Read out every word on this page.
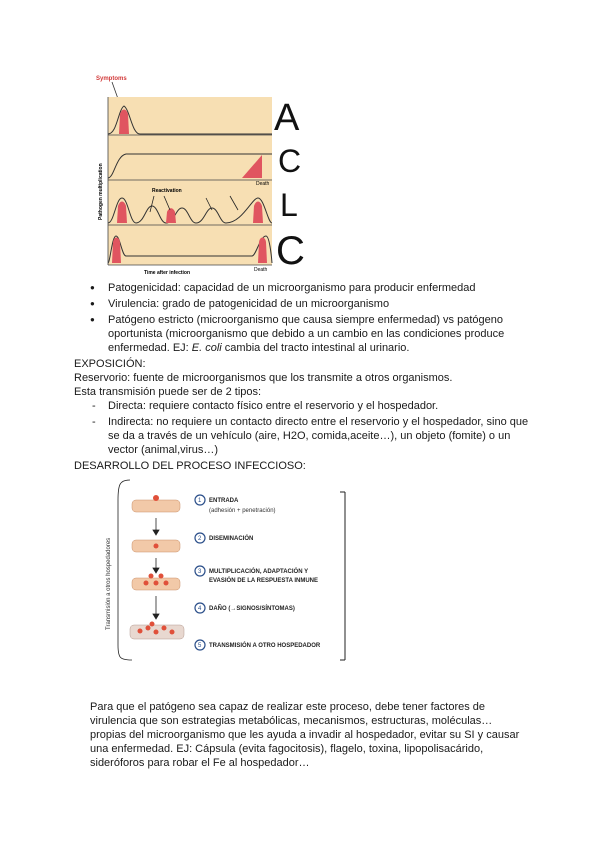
Symptoms
Death
Reactivation
Death
Time after infection
Pathogen multiplication
A
C
L
C
● Patogenicidad: capacidad de un microorganismo para producir enfermedad
● Virulencia: grado de patogenicidad de un microorganismo
● Patógeno estricto (microorganismo que causa siempre enfermedad) vs patógeno oportunista (microorganismo que debido a un cambio en las condiciones produce enfermedad. EJ: E. coli cambia del tracto intestinal al urinario.
EXPOSICIÓN:
Reservorio: fuente de microorganismos que los transmite a otros organismos.
Esta transmisión puede ser de 2 tipos:
- Directa: requiere contacto físico entre el reservorio y el hospedador.
- Indirecta: no requiere un contacto directo entre el reservorio y el hospedador, sino que se da a través de un vehículo (aire, H2O, comida,aceite…), un objeto (fomite) o un vector (animal,virus…)
DESARROLLO DEL PROCESO INFECCIOSO:
Transmisión a otros hospedadores
1 ENTRADA
(adhesión + penetración)
2 DISEMINACIÓN
3 MULTIPLICACIÓN, ADAPTACIÓN Y
EVASIÓN DE LA RESPUESTA INMUNE
4 DAÑO (→SIGNOS/SÍNTOMAS)
5 TRANSMISIÓN A OTRO HOSPEDADOR
Para que el patógeno sea capaz de realizar este proceso, debe tener factores de virulencia que son estrategias metabólicas, mecanismos, estructuras, moléculas… propias del microorganismo que les ayuda a invadir al hospedador, evitar su SI y causar una enfermedad. EJ: Cápsula (evita fagocitosis), flagelo, toxina, lipopolisacárido, sideróforos para robar el Fe al hospedador…
